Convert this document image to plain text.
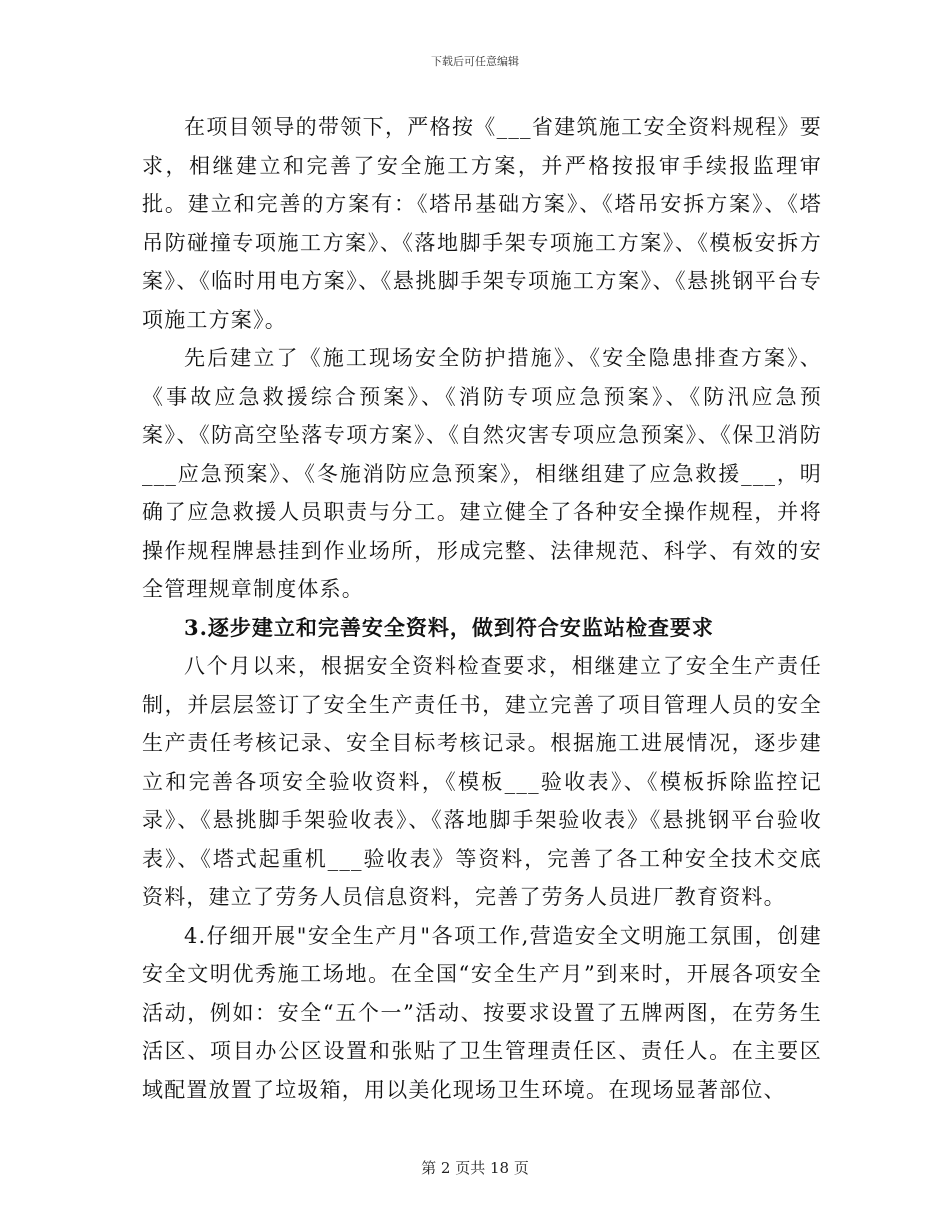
下载后可任意编辑

在项目领导的带领下，严格按《___省建筑施工安全资料规程》要求，相继建立和完善了安全施工方案，并严格按报审手续报监理审批。建立和完善的方案有：《塔吊基础方案》、《塔吊安拆方案》、《塔吊防碰撞专项施工方案》、《落地脚手架专项施工方案》、《模板安拆方案》、《临时用电方案》、《悬挑脚手架专项施工方案》、《悬挑钢平台专项施工方案》。

先后建立了《施工现场安全防护措施》、《安全隐患排查方案》、《事故应急救援综合预案》、《消防专项应急预案》、《防汛应急预案》、《防高空坠落专项方案》、《自然灾害专项应急预案》、《保卫消防___应急预案》、《冬施消防应急预案》，相继组建了应急救援___，明确了应急救援人员职责与分工。建立健全了各种安全操作规程，并将操作规程牌悬挂到作业场所，形成完整、法律规范、科学、有效的安全管理规章制度体系。

3.逐步建立和完善安全资料，做到符合安监站检查要求

八个月以来，根据安全资料检查要求，相继建立了安全生产责任制，并层层签订了安全生产责任书，建立完善了项目管理人员的安全生产责任考核记录、安全目标考核记录。根据施工进展情况，逐步建立和完善各项安全验收资料，《模板___验收表》、《模板拆除监控记录》、《悬挑脚手架验收表》、《落地脚手架验收表》《悬挑钢平台验收表》、《塔式起重机___验收表》等资料，完善了各工种安全技术交底资料，建立了劳务人员信息资料，完善了劳务人员进厂教育资料。

4.仔细开展"安全生产月"各项工作,营造安全文明施工氛围，创建安全文明优秀施工场地。在全国“安全生产月”到来时，开展各项安全活动，例如：安全“五个一”活动、按要求设置了五牌两图，在劳务生活区、项目办公区设置和张贴了卫生管理责任区、责任人。在主要区域配置放置了垃圾箱，用以美化现场卫生环境。在现场显著部位、

第 2 页共 18 页
